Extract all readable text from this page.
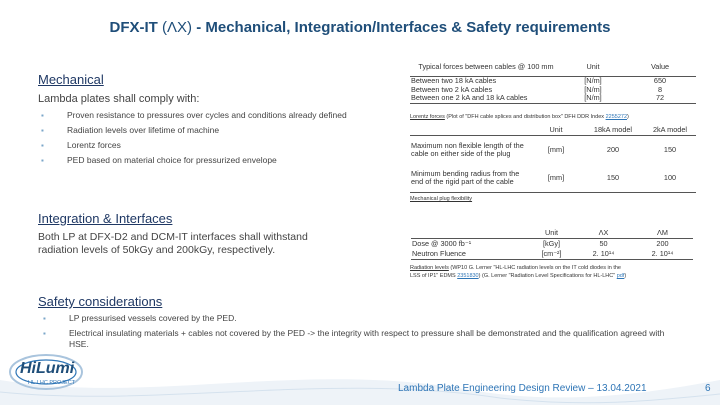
DFX-IT (ΛX) - Mechanical, Integration/Interfaces & Safety requirements
Mechanical
Lambda plates shall comply with:
▪ Proven resistance to pressures over cycles and conditions already defined
▪ Radiation levels over lifetime of machine
▪ Lorentz forces
▪ PED based on material choice for pressurized envelope
Typical forces between cables @ 100 mm	Unit	Value
Between two 18 kA cables	[N/m]	650
Between two 2 kA cables	[N/m]	8
Between one 2 kA and 18 kA cables	[N/m]	72
Lorentz forces (Plot of "DFH cable splices and distribution box" DFH DDR Index 2255272)
	Unit	18kA model	2kA model
Maximum non flexible length of the cable on either side of the plug	[mm]	200	150
Minimum bending radius from the end of the rigid part of the cable	[mm]	150	100
Mechanical plug flexibility
Integration & Interfaces
Both LP at DFX-D2 and DCM-IT interfaces shall withstand radiation levels of 50kGy and 200kGy, respectively.
	Unit	ΛX	ΛM
Dose @ 3000 fb⁻¹	[kGy]	50	200
Neutron Fluence	[cm⁻²]	2. 10¹⁴	2. 10¹⁴
Radiation levels (WP10 G. Lerner "HL-LHC radiation levels on the IT cold diodes in the
LSS of IP1" EDMS 2351830) (G. Lerner "Radiation Level Specifications for HL-LHC" pdf)
Safety considerations
▪ LP pressurised vessels covered by the PED.
▪ Electrical insulating materials + cables not covered by the PED -> the integrity with respect to pressure shall be demonstrated and the qualification agreed with HSE.
HiLumi
HL-LHC PROJECT	Lambda Plate Engineering Design Review – 13.04.2021	6
